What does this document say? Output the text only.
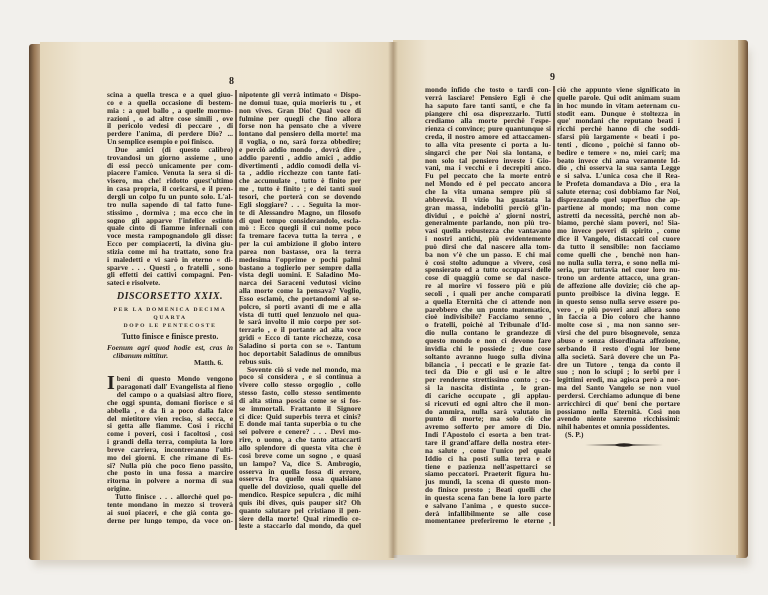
8	9
scina a quella tresca e a quel giuo-
co e a quella occasione di bestem-
mia : a quel ballo , a quelle mormo-
razioni , o ad altre cose simili , ove
il pericolo vedesi di peccare , di
perdere l'anima, di perdere Dio? ...
Un semplice esempio e poi finisco.
Due amici (di questo calibro)
trovandosi un giorno assieme , uno
di essi peccò unicamente per com-
piacere l'amico. Venuta la sera si di-
visero, ma che! ridotto quest'ultimo
in casa propria, il coricarsi, e il pren-
dergli un colpo fu un punto solo. L'al-
tro nulla sapendo di tal fatto fune-
stissimo , dormiva ; ma ecco che in
sogno gli apparve l'infelice estinto
quale cinto di fiamme infernali con
voce mesta rampognandolo gli disse:
Ecco per compiacerti, la divina giu-
stizia come mi ha trattato, sono fra
i maledetti e vi sarò in eterno « di-
sparve . . . Questi , o fratelli , sono
gli effetti dei cattivi compagni. Pen-
sateci e risolvete.
DISCORSETTO XXIX.
PER LA DOMENICA DECIMA QUARTA
DOPO LE PENTECOSTE
Tutto finisce e finisce presto.
Foenum agri quod hodie est, cras in
clibanum mittitur.
Matth. 6.
I beni di questo Mondo vengono
paragonati dall' Evangelista al fieno
del campo o a qualsiasi altro fiore,
che oggi spunta, domani fiorisce e si
abbella , e da lì a poco dalla falce
del mietitore vien reciso, si secca, e
si getta alle fiamme. Così i ricchi
come i poveri, così i facoltosi , così
i grandi della terra, compiuta la loro
breve carriera, incontreranno l'ulti-
mo dei giorni. E che rimane di Es-
si? Nulla più che poco fieno passito,
che posto in una fossa a marcire
ritorna in polvere a norma di sua
origine.
Tutto finisce . . . allorchè quel po-
tente mondano in mezzo si troverà
ai suoi piaceri, e che già conta go-
derne per lungo tempo, da voce on-
nipotente gli verrà intimato « Dispo-
ne domui tuae, quia morieris tu , et
non vives. Gran Dio! Qual voce di
fulmine per quegli che fino allora
forse non ha pensato che a vivere
lontano dal pensiero della morte! ma
il voglia, o no, sarà forza obbedire;
e perciò addio mondo , dovrà dire ,
addio parenti , addio amici , addio
divertimenti , addio comodi della vi-
ta , addio ricchezze con tante fati-
che accumulate , tutto è finito per
me , tutto è finito ; e dei tanti suoi
tesori, che porterà con se dovendo
Egli sloggiare? . . . Seguita la mor-
te di Alessandro Magno, un filosofo
di quel tempo considerandolo, escla-
mò : Ecco quegli il cui nome poco
fa tremare faceva tutta la terra , e
per la cui ambizione il globo intero
parea non bastasse, ora la terra
medesima l'opprime e pochi palmi
bastano a toglierlo per sempre dalla
vista degli uomini. E Saladino Mo-
narca dei Saraceni vedutosi vicino
alla morte come la pensava? Voglio,
Esso esclamò, che portandomi al se-
polcro, si porti avanti di me e alla
vista di tutti quel lenzuolo nel qua-
le sarà involto il mio corpo per sot-
terrarlo , e il portante ad alta voce
gridi « Ecco di tante ricchezze, cosa
Saladino si porta con se ». Tantum
hoc deportabit Saladinus de omnibus
rebus suis.
Sovente ciò si vede nel mondo, ma
poco si considera , e si continua a
vivere collo stesso orgoglio , collo
stesso fasto, collo stesso sentimento
di alta stima poscia come se si fos-
se immortali. Frattanto il Signore
ci dice: Quid superbis terra et cinis?
E donde mai tanta superbia o tu che
sei polvere e cenere? . . . Devi mo-
rire, o uomo, a che tanto attaccarti
allo splendore di questa vita che è
così breve come un sogno , e quasi
un lampo? Va, dice S. Ambrogio,
osserva in quella fossa di errore,
osserva fra quelle ossa qualsiano
quelle del dovizioso, quali quelle del
mendico. Respice sepulcra , dic mihi
quis ibi dives, quis pauper sit? Oh
quanto salutare pel cristiano il pen-
siere della morte! Qual rimedio ce-
leste a staccarlo dal mondo, da quel
mondo infido che tosto o tardi con-
verrà lasciare! Pensiero Egli è che
ha saputo fare tanti santi, e che fa
piangere chi osa disprezzarlo. Tutti
crediamo alla morte perchè l'espe-
rienza ci convince; pure quantunque si
creda, il nostro amore ed attaccamen-
to alla vita presente ci porta a lu-
singarci che per Noi sia lontana, e
non solo tal pensiero investe i Gio-
vani, ma i vecchi e i decrepiti anco.
Fu pel peccato che la morte entrò
nel Mondo ed è pel peccato ancora
che la vita umana sempre più si
abbrevia. Il vizio ha guastata la
gran massa, indeboliti perciò gl'in-
dividui , e poichè a' giorni nostri,
generalmente parlando, non più tro-
vasi quella robustezza che vantavano
i nostri antichi, più evidentemente
può dirsi che dal nascere alla tom-
ba non v'è che un passo. E chi mai
è così stolto adunque a vivere, così
spensierato ed a tutto occuparsi delle
cose di quaggiù come se dal nasce-
re al morire vi fossero più e più
secoli , i quali per anche comparati
a quella Eternità che ci attende non
parebbero che un punto matematico,
cioè indivisibile? Facciamo senno ,
o fratelli, poichè al Tribunale d'Id-
dio nulla contano le grandezze di
questo mondo e non ci devono fare
invidia chi le possiede ; due cose
soltanto avranno luogo sulla divina
bilancia , i peccati e le grazie fat-
teci da Dio e gli usi e le altre
per renderne strettissimo conto ; co-
sì la nascita distinta , le gran-
di cariche occupate , gli applau-
si ricevuti ed ogni altro che il mon-
do ammira, nulla sarà valutato in
punto di morte; ma solo ciò che
avremo sofferto per amore di Dio.
Indi l'Apostolo ci esorta a ben trat-
tare il grand'affare della nostra eter-
na salute , come l'unico pel quale
Iddio ci ha posti sulla terra e ci
tiene e pazienza nell'aspettarci se
siamo peccatori. Praeterit figura hu-
jus mundi, la scena di questo mon-
do finisce presto ; Beati quelli che
in questa scena fan bene la loro parte
e salvano l'anima , e questo succe-
derà infallibilmente se alle cose
momentanee preferiremo le eterne ,
ciò che appunto viene significato in
quelle parole. Qui odit animam suam
in hoc mundo in vitam aeternam cu-
stodit eam. Dunque è stoltezza in
que' mondani che reputano beati i
ricchi perchè hanno di che soddi-
sfarsi più largamente « beati i po-
tenti , dicono , poichè si fanno ob-
bedire e temere » no, miei cari; ma
beato invece chi ama veramente Id-
dio , chi osserva la sua santa Legge
e si salva. L'unica cosa che il Rea-
le Profeta domandava a Dio , era la
salute eterna; così dobbiamo far Noi,
disprezzando quel superfluo che ap-
partiene al mondo; ma non come
astretti da necessità, perchè non ab-
biamo, perchè siam poveri, no! Sia-
mo invece poveri di spirito , come
dice il Vangelo, distaccati col cuore
da tutto il sensibile: non facciamo
come quelli che , benchè non han-
no nulla sulla terra, e sono nella mi-
seria, pur tuttavia nel cuor loro nu-
trono un ardente attacco, una gran-
de affezione alle dovizie; ciò che ap-
punto proibisce la divina legge. E
in questo senso nulla serve essere po-
vero , e più poveri anzi allora sono
in faccia a Dio coloro che hanno
molte cose sì , ma non sanno ser-
virsi che del puro bisognevole, senza
abuso e senza disordinata affezione,
serbando il resto d'ogni lor bene
alla società. Sarà dovere che un Pa-
dre un Tutore , tenga da conto il
suo ; non lo sciupi ; lo serbi per i
legittimi eredi, ma agisca però a nor-
ma del Santo Vangelo se non vuol
perdersi. Cerchiamo adunque di bene
arricchirci di que' beni che portare
possiamo nella Eternità. Così non
avendo niente saremo ricchissimi:
nihil habentes et omnia possidentes.
(S. P.)
